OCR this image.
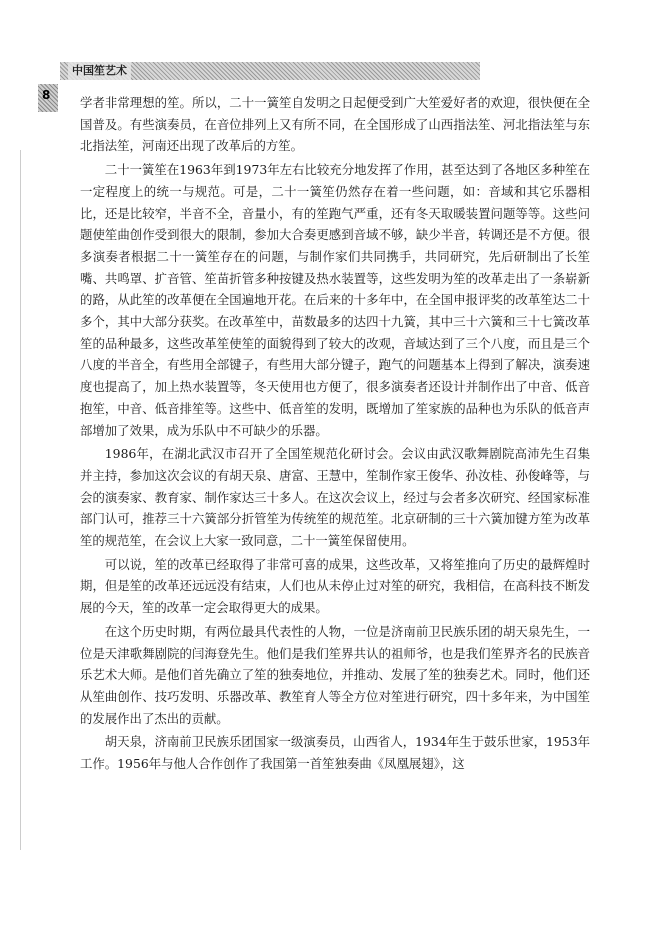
中国笙艺术
8 学者非常理想的笙。所以，二十一簧笙自发明之日起便受到广大笙爱好者的欢迎，很快便在全国普及。有些演奏员，在音位排列上又有所不同，在全国形成了山西指法笙、河北指法笙与东北指法笙，河南还出现了改革后的方笙。

二十一簧笙在1963年到1973年左右比较充分地发挥了作用，甚至达到了各地区多种笙在一定程度上的统一与规范。可是，二十一簧笙仍然存在着一些问题，如：音域和其它乐器相比，还是比较窄，半音不全，音量小，有的笙跑气严重，还有冬天取暖装置问题等等。这些问题使笙曲创作受到很大的限制，参加大合奏更感到音域不够，缺少半音，转调还是不方便。很多演奏者根据二十一簧笙存在的问题，与制作家们共同携手，共同研究，先后研制出了长笙嘴、共鸣罩、扩音管、笙苗折管多种按键及热水装置等，这些发明为笙的改革走出了一条崭新的路，从此笙的改革便在全国遍地开花。在后来的十多年中，在全国申报评奖的改革笙达二十多个，其中大部分获奖。在改革笙中，苗数最多的达四十九簧，其中三十六簧和三十七簧改革笙的品种最多，这些改革笙使笙的面貌得到了较大的改观，音域达到了三个八度，而且是三个八度的半音全，有些用全部键子，有些用大部分键子，跑气的问题基本上得到了解决，演奏速度也提高了，加上热水装置等，冬天使用也方便了，很多演奏者还设计并制作出了中音、低音抱笙，中音、低音排笙等。这些中、低音笙的发明，既增加了笙家族的品种也为乐队的低音声部增加了效果，成为乐队中不可缺少的乐器。

1986年，在湖北武汉市召开了全国笙规范化研讨会。会议由武汉歌舞剧院高沛先生召集并主持，参加这次会议的有胡天泉、唐富、王慧中，笙制作家王俊华、孙汝桂、孙俊峰等，与会的演奏家、教育家、制作家达三十多人。在这次会议上，经过与会者多次研究、经国家标准部门认可，推荐三十六簧部分折管笙为传统笙的规范笙。北京研制的三十六簧加键方笙为改革笙的规范笙，在会议上大家一致同意，二十一簧笙保留使用。

可以说，笙的改革已经取得了非常可喜的成果，这些改革，又将笙推向了历史的最辉煌时期，但是笙的改革还远远没有结束，人们也从未停止过对笙的研究，我相信，在高科技不断发展的今天，笙的改革一定会取得更大的成果。

在这个历史时期，有两位最具代表性的人物，一位是济南前卫民族乐团的胡天泉先生，一位是天津歌舞剧院的闫海登先生。他们是我们笙界共认的祖师爷，也是我们笙界齐名的民族音乐艺术大师。是他们首先确立了笙的独奏地位，并推动、发展了笙的独奏艺术。同时，他们还从笙曲创作、技巧发明、乐器改革、教笙育人等全方位对笙进行研究，四十多年来，为中国笙的发展作出了杰出的贡献。

胡天泉，济南前卫民族乐团国家一级演奏员，山西省人，1934年生于鼓乐世家，1953年工作。1956年与他人合作创作了我国第一首笙独奏曲《凤凰展翅》，这
